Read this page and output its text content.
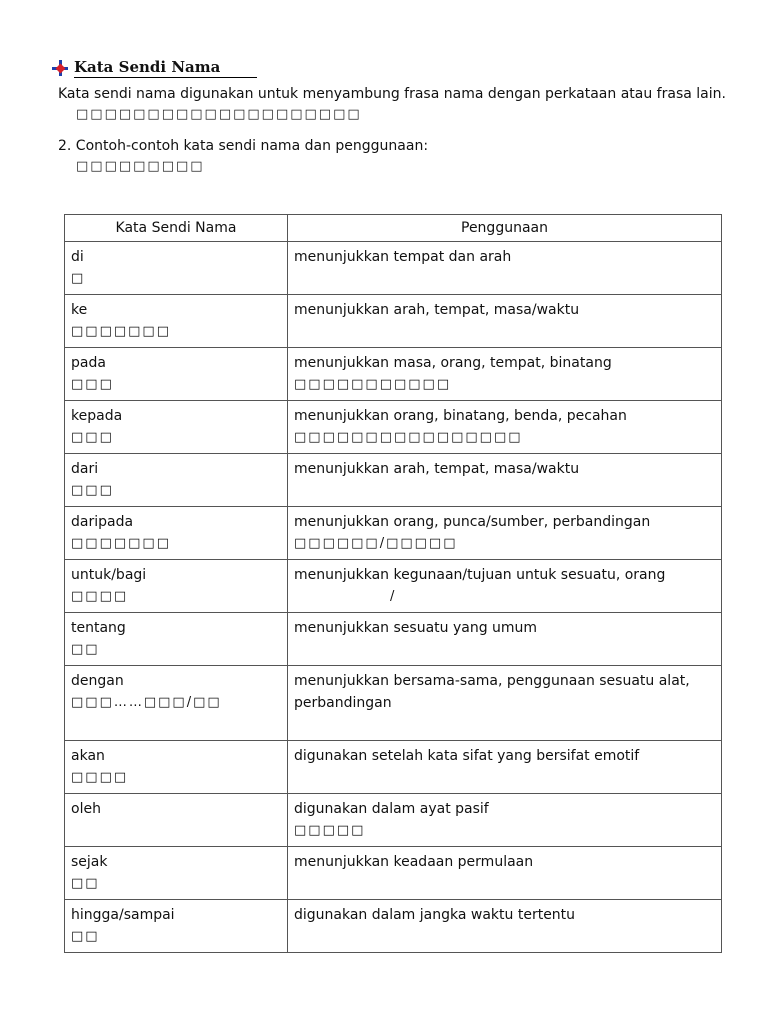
Kata Sendi Nama
Kata sendi nama digunakan untuk menyambung frasa nama dengan perkataan atau frasa lain.
□□□□□□□□□□□□□□□□□□□□
2. Contoh-contoh kata sendi nama dan penggunaan:
□□□□□□□□□
Kata Sendi Nama	Penggunaan
di
□	menunjukkan tempat dan arah

ke
□□□□□□□	menunjukkan arah, tempat, masa/waktu

pada
□□□	menunjukkan masa, orang, tempat, binatang
□□□□□□□□□□□

kepada
□□□	menunjukkan orang, binatang, benda, pecahan
□□□□□□□□□□□□□□□□

dari
□□□	menunjukkan arah, tempat, masa/waktu

daripada
□□□□□□□	menunjukkan orang, punca/sumber, perbandingan
□□□□□□/□□□□□

untuk/bagi
□□□□	menunjukkan kegunaan/tujuan untuk sesuatu, orang
/

tentang
□□	menunjukkan sesuatu yang umum

dengan
□□□……□□□/□□	menunjukkan bersama-sama, penggunaan sesuatu alat, perbandingan

akan
□□□□	digunakan setelah kata sifat yang bersifat emotif

oleh	digunakan dalam ayat pasif
□□□□□

sejak
□□	menunjukkan keadaan permulaan

hingga/sampai
□□	digunakan dalam jangka waktu tertentu
